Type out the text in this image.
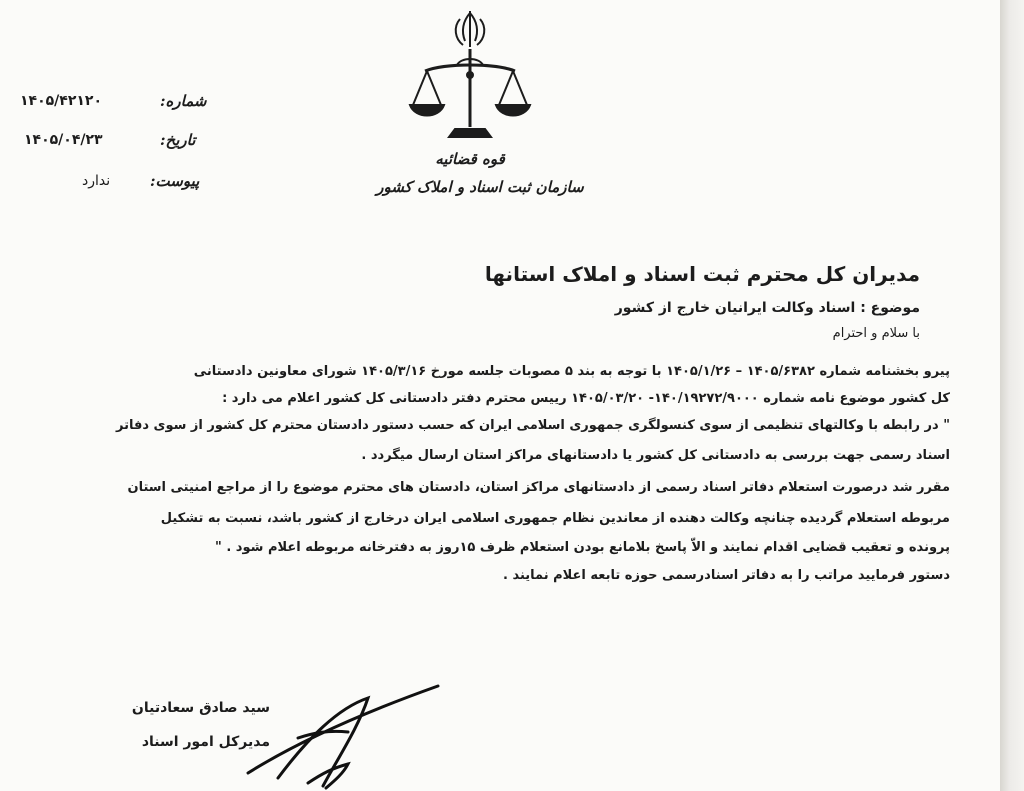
شماره:
۱۴۰۵/۴۲۱۲۰
تاریخ:
۱۴۰۵/۰۴/۲۳
پیوست:
ندارد
قوه قضائیه
سازمان ثبت اسناد و املاک کشور
مدیران کل محترم ثبت اسناد و املاک استانها
موضوع : اسناد وکالت ایرانیان خارج از کشور
با سلام و احترام
پیرو بخشنامه شماره ۱۴۰۵/۶۳۸۲ – ۱۴۰۵/۱/۲۶ با توجه به بند ۵ مصوبات جلسه مورخ ۱۴۰۵/۳/۱۶ شورای معاونین دادستانی
کل کشور موضوع نامه شماره ۱۴۰/۱۹۲۷۲/۹۰۰۰- ۱۴۰۵/۰۳/۲۰ رییس محترم دفتر دادستانی کل کشور اعلام می دارد :
" در رابطه با وکالتهای تنظیمی از سوی کنسولگری جمهوری اسلامی ایران که حسب دستور دادستان محترم کل کشور از سوی دفاتر
اسناد رسمی جهت بررسی به دادستانی کل کشور یا دادستانهای مراکز استان ارسال میگردد .
مقرر شد درصورت استعلام دفاتر اسناد رسمی از دادستانهای مراکز استان، دادستان های محترم موضوع را از مراجع امنیتی استان
مربوطه استعلام گردیده چنانچه وکالت دهنده از معاندین نظام جمهوری اسلامی ایران درخارج از کشور باشد، نسبت به تشکیل
پرونده و تعقیب قضایی اقدام نمایند و الاّ پاسخ بلامانع بودن استعلام ظرف ۱۵روز به دفترخانه مربوطه اعلام شود . "
دستور فرمایید مراتب را به دفاتر اسنادرسمی حوزه تابعه اعلام نمایند .
سید صادق سعادتیان
مدیرکل امور اسناد
